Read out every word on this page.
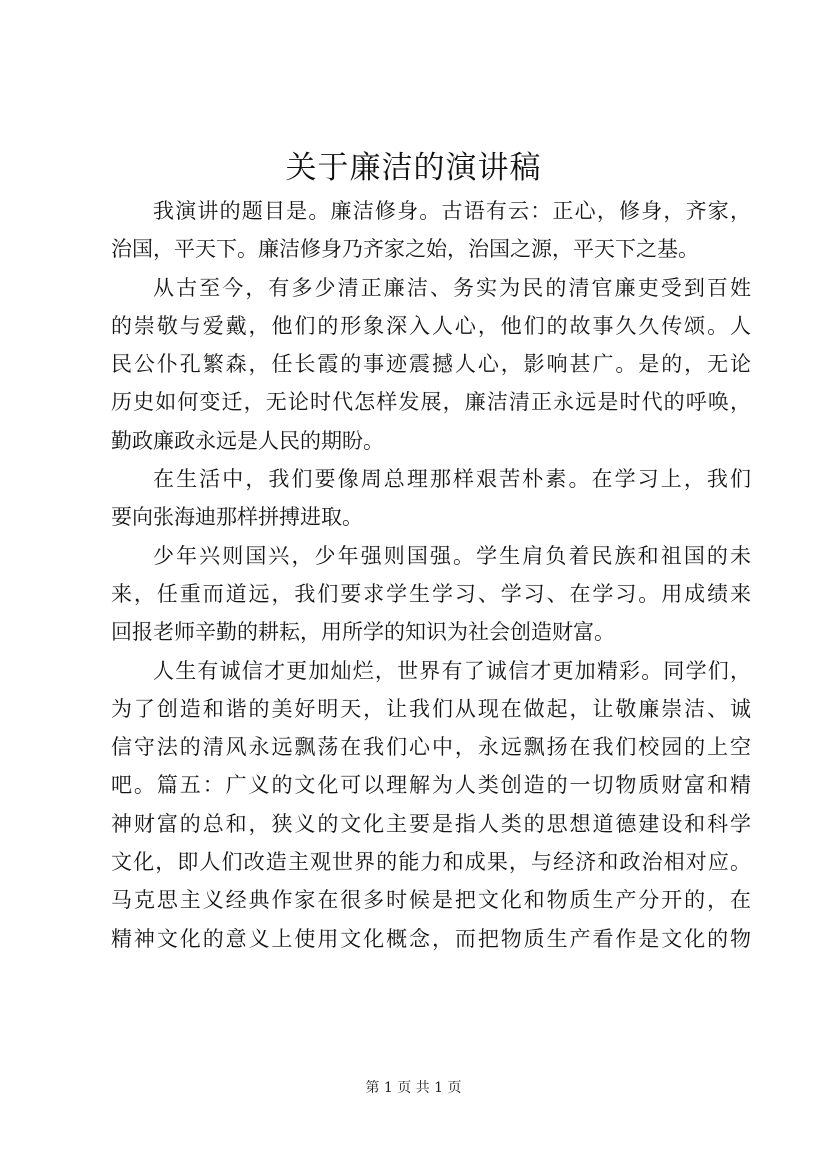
关于廉洁的演讲稿

我演讲的题目是。廉洁修身。古语有云：正心，修身，齐家，
治国，平天下。廉洁修身乃齐家之始，治国之源，平天下之基。

从古至今，有多少清正廉洁、务实为民的清官廉吏受到百姓
的崇敬与爱戴，他们的形象深入人心，他们的故事久久传颂。人
民公仆孔繁森，任长霞的事迹震撼人心，影响甚广。是的，无论
历史如何变迁，无论时代怎样发展，廉洁清正永远是时代的呼唤，
勤政廉政永远是人民的期盼。

在生活中，我们要像周总理那样艰苦朴素。在学习上，我们
要向张海迪那样拼搏进取。

少年兴则国兴，少年强则国强。学生肩负着民族和祖国的未
来，任重而道远，我们要求学生学习、学习、在学习。用成绩来
回报老师辛勤的耕耘，用所学的知识为社会创造财富。

人生有诚信才更加灿烂，世界有了诚信才更加精彩。同学们，
为了创造和谐的美好明天，让我们从现在做起，让敬廉崇洁、诚
信守法的清风永远飘荡在我们心中，永远飘扬在我们校园的上空
吧。篇五：广义的文化可以理解为人类创造的一切物质财富和精
神财富的总和，狭义的文化主要是指人类的思想道德建设和科学
文化，即人们改造主观世界的能力和成果，与经济和政治相对应。
马克思主义经典作家在很多时候是把文化和物质生产分开的，在
精神文化的意义上使用文化概念，而把物质生产看作是文化的物

第 1 页 共 1 页
